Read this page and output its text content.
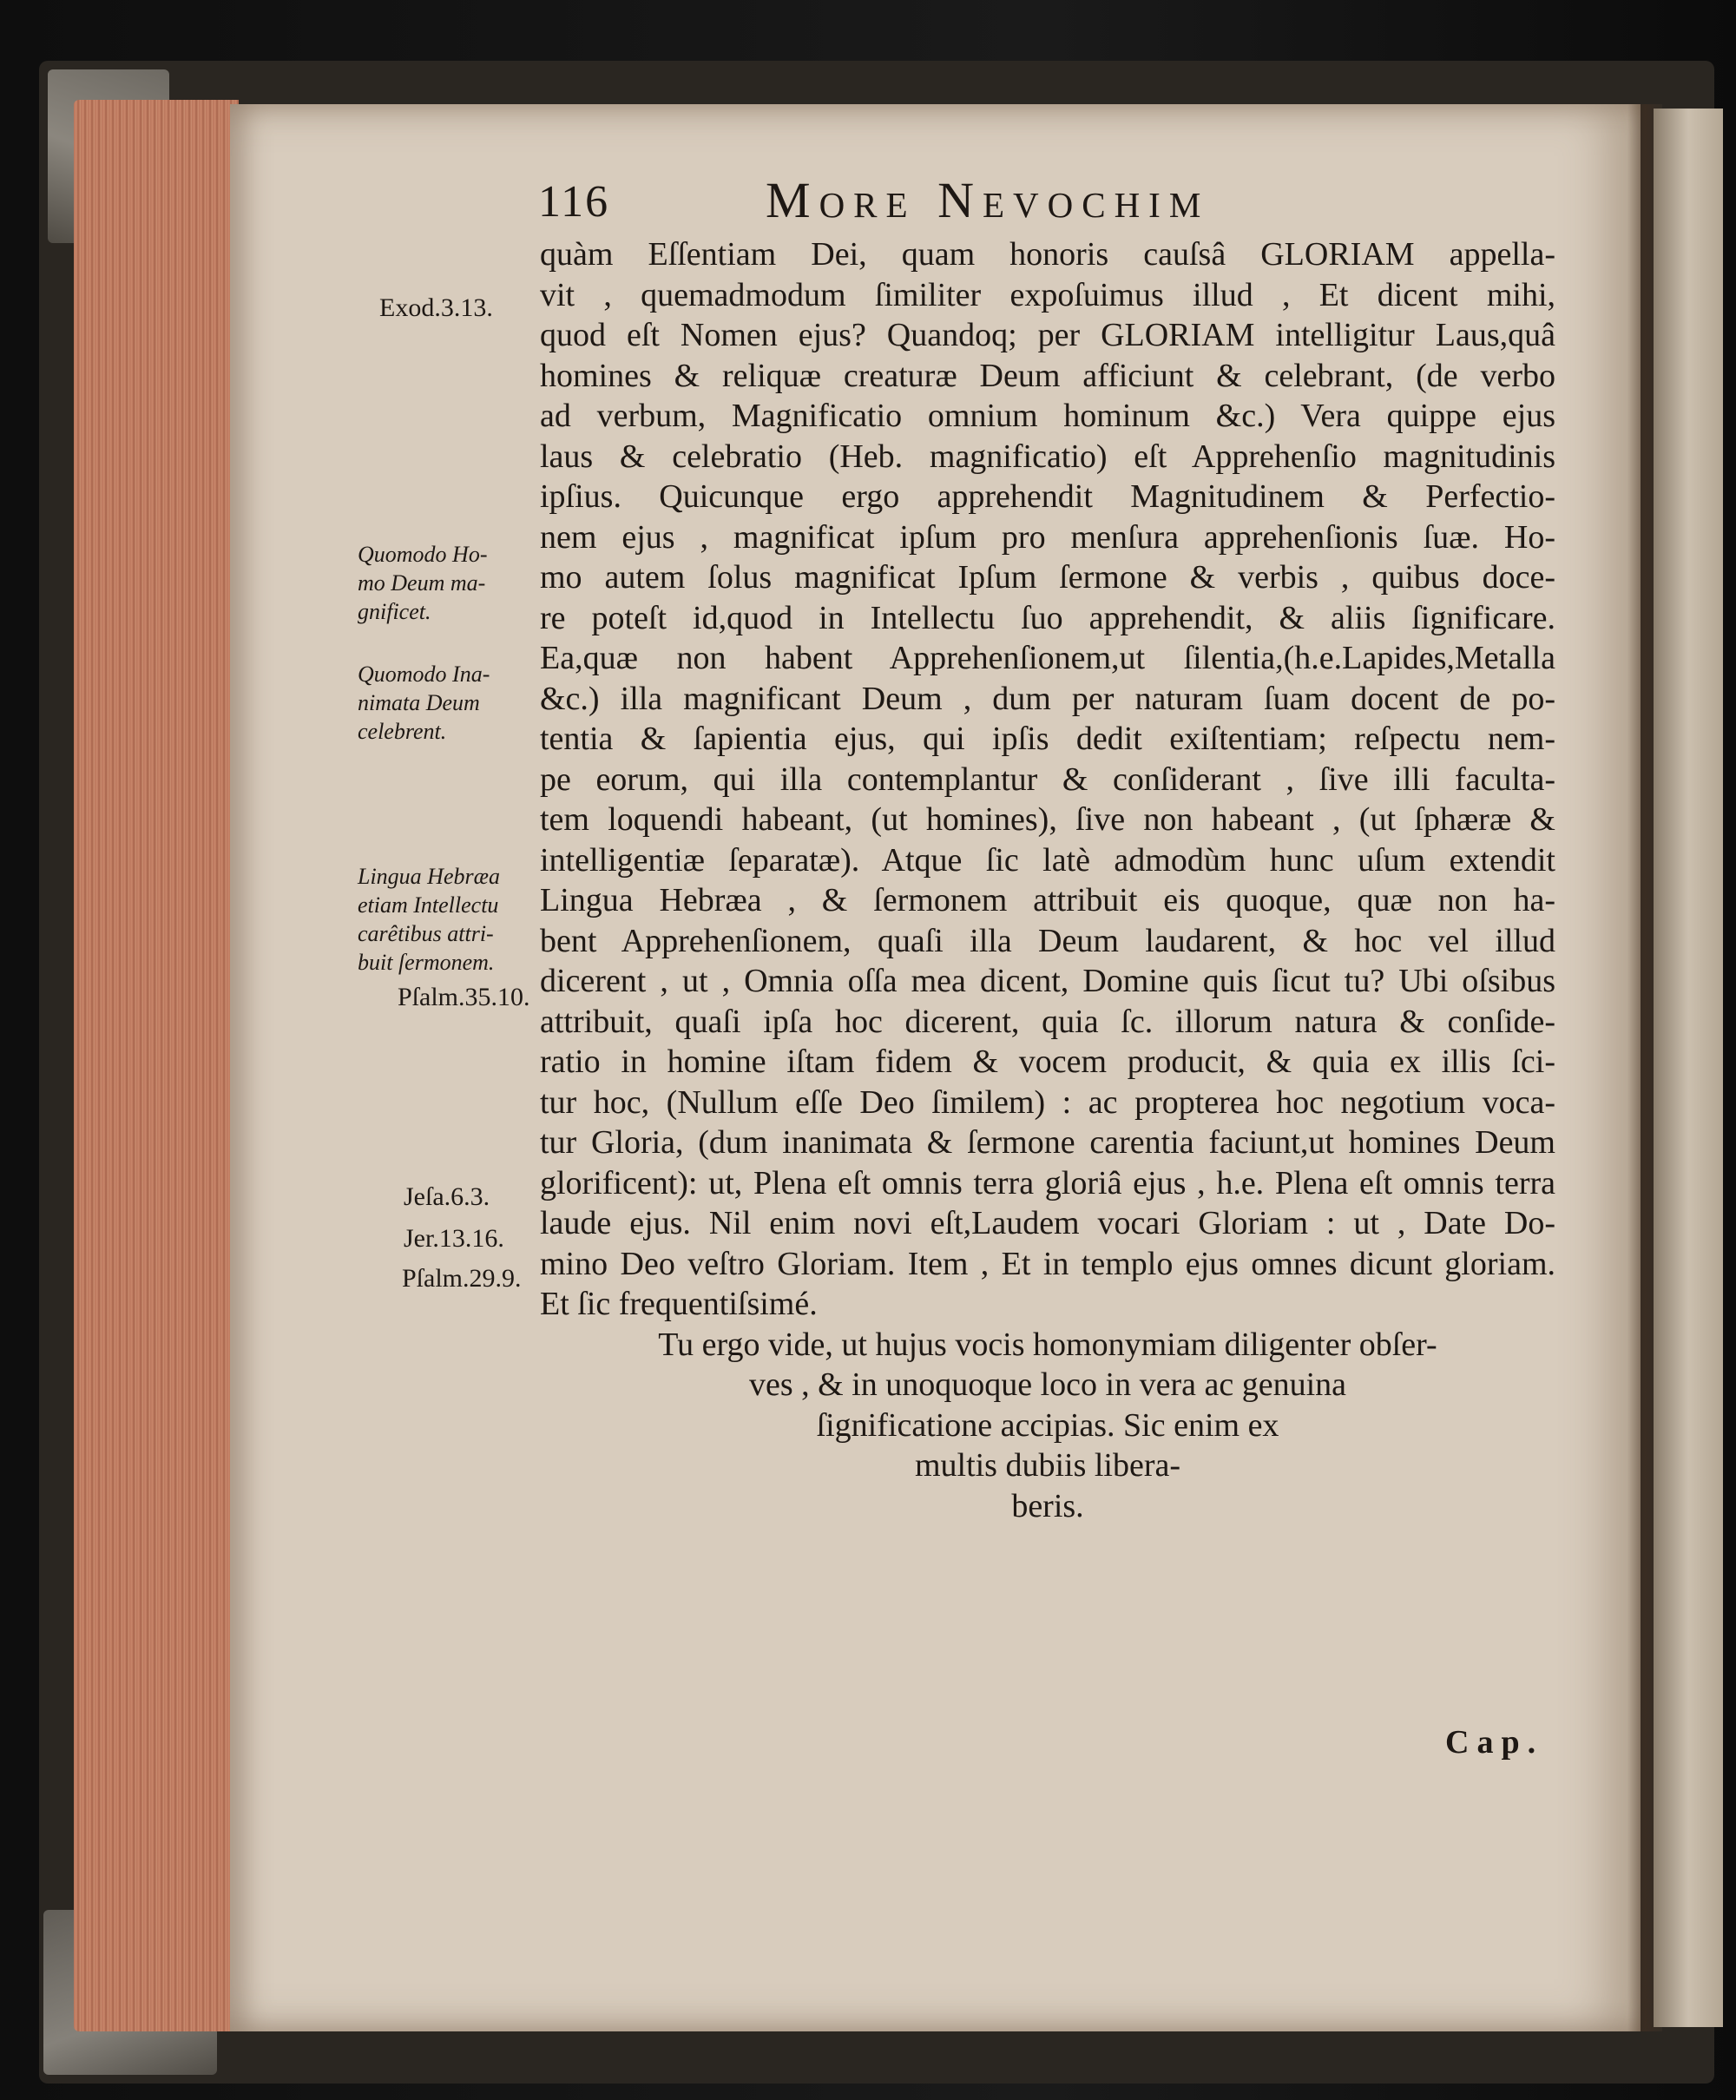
116	More Nevochim
quàm Eſſentiam Dei, quam honoris cauſsâ GLORIAM appella-
vit , quemadmodum ſimiliter expoſuimus illud , Et dicent mihi,
quod eſt Nomen ejus? Quandoq; per GLORIAM intelligitur Laus,quâ
homines & reliquæ creaturæ Deum afficiunt & celebrant, (de verbo
ad verbum, Magnificatio omnium hominum &c.) Vera quippe ejus
laus & celebratio (Heb. magnificatio) eſt Apprehenſio magnitudinis
ipſius. Quicunque ergo apprehendit Magnitudinem & Perfectio-
nem ejus , magnificat ipſum pro menſura apprehenſionis ſuæ. Ho-
mo autem ſolus magnificat Ipſum ſermone & verbis , quibus doce-
re poteſt id,quod in Intellectu ſuo apprehendit, & aliis ſignificare.
Ea,quæ non habent Apprehenſionem,ut ſilentia,(h.e.Lapides,Metalla
&c.) illa magnificant Deum , dum per naturam ſuam docent de po-
tentia & ſapientia ejus, qui ipſis dedit exiſtentiam; reſpectu nem-
pe eorum, qui illa contemplantur & conſiderant , ſive illi faculta-
tem loquendi habeant, (ut homines), ſive non habeant , (ut ſphæræ &
intelligentiæ ſeparatæ). Atque ſic latè admodùm hunc uſum extendit
Lingua Hebræa , & ſermonem attribuit eis quoque, quæ non ha-
bent Apprehenſionem, quaſi illa Deum laudarent, & hoc vel illud
dicerent , ut , Omnia oſſa mea dicent, Domine quis ſicut tu? Ubi oſsibus
attribuit, quaſi ipſa hoc dicerent, quia ſc. illorum natura & conſide-
ratio in homine iſtam fidem & vocem producit, & quia ex illis ſci-
tur hoc, (Nullum eſſe Deo ſimilem) : ac propterea hoc negotium voca-
tur Gloria, (dum inanimata & ſermone carentia faciunt,ut homines Deum
glorificent): ut, Plena eſt omnis terra gloriâ ejus , h.e. Plena eſt omnis terra
laude ejus. Nil enim novi eſt,Laudem vocari Gloriam : ut , Date Do-
mino Deo veſtro Gloriam. Item , Et in templo ejus omnes dicunt gloriam.
Et ſic frequentiſsimé.
Tu ergo vide, ut hujus vocis homonymiam diligenter obſer-
ves , & in unoquoque loco in vera ac genuina
ſignificatione accipias. Sic enim ex
multis dubiis libera-
beris.
Exod.3.13.
Pſalm.35.10.
Jeſa.6.3.
Jer.13.16.
Pſalm.29.9.
Quomodo Ho-
mo Deum ma-
gnificet.
Quomodo Ina-
nimata Deum
celebrent.
Lingua Hebræa
etiam Intellectu
carêtibus attri-
buit ſermonem.
Cap.
